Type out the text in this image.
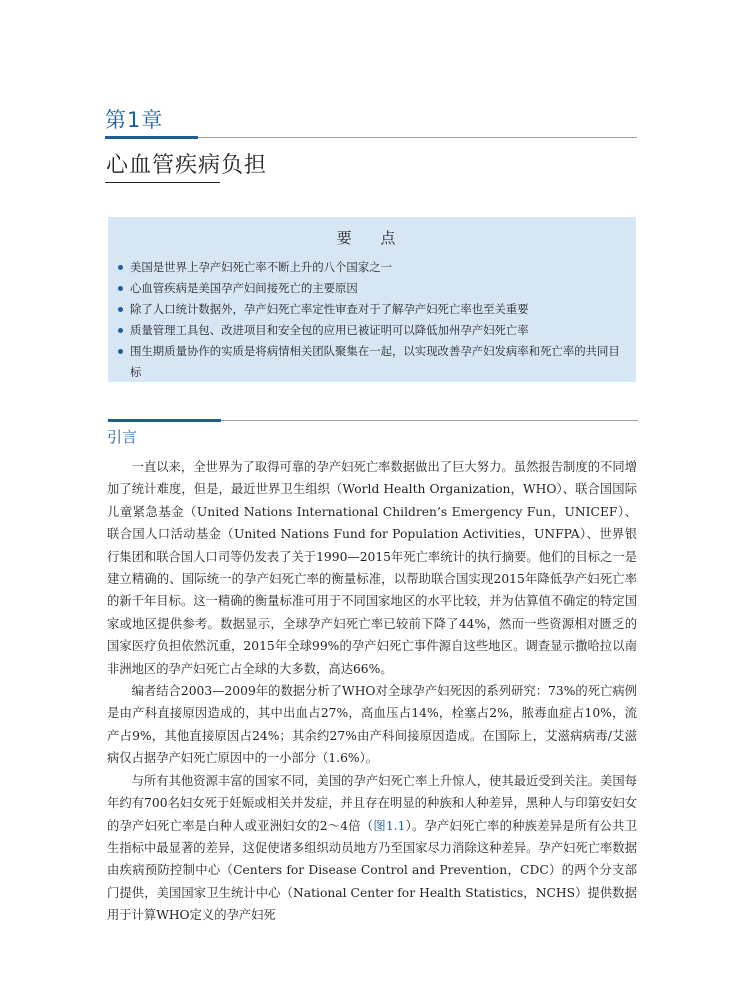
第1章
心血管疾病负担
要 点
美国是世界上孕产妇死亡率不断上升的八个国家之一
心血管疾病是美国孕产妇间接死亡的主要原因
除了人口统计数据外，孕产妇死亡率定性审查对于了解孕产妇死亡率也至关重要
质量管理工具包、改进项目和安全包的应用已被证明可以降低加州孕产妇死亡率
围生期质量协作的实质是将病情相关团队聚集在一起，以实现改善孕产妇发病率和死亡率的共同目标
引言

一直以来，全世界为了取得可靠的孕产妇死亡率数据做出了巨大努力。虽然报告制度的不同增加了统计难度，但是，最近世界卫生组织（World Health Organization，WHO）、联合国国际儿童紧急基金（United Nations International Children’s Emergency Fun，UNICEF）、联合国人口活动基金（United Nations Fund for Population Activities，UNFPA）、世界银行集团和联合国人口司等仍发表了关于1990—2015年死亡率统计的执行摘要。他们的目标之一是建立精确的、国际统一的孕产妇死亡率的衡量标准，以帮助联合国实现2015年降低孕产妇死亡率的新千年目标。这一精确的衡量标准可用于不同国家地区的水平比较，并为估算值不确定的特定国家或地区提供参考。数据显示，全球孕产妇死亡率已较前下降了44%，然而一些资源相对匮乏的国家医疗负担依然沉重，2015年全球99%的孕产妇死亡事件源自这些地区。调查显示撒哈拉以南非洲地区的孕产妇死亡占全球的大多数，高达66%。

编者结合2003—2009年的数据分析了WHO对全球孕产妇死因的系列研究：73%的死亡病例是由产科直接原因造成的，其中出血占27%，高血压占14%，栓塞占2%，脓毒血症占10%，流产占9%，其他直接原因占24%；其余约27%由产科间接原因造成。在国际上，艾滋病病毒/艾滋病仅占据孕产妇死亡原因中的一小部分（1.6%）。

与所有其他资源丰富的国家不同，美国的孕产妇死亡率上升惊人，使其最近受到关注。美国每年约有700名妇女死于妊娠或相关并发症，并且存在明显的种族和人种差异，黑种人与印第安妇女的孕产妇死亡率是白种人或亚洲妇女的2～4倍（图1.1）。孕产妇死亡率的种族差异是所有公共卫生指标中最显著的差异，这促使诸多组织动员地方乃至国家尽力消除这种差异。孕产妇死亡率数据由疾病预防控制中心（Centers for Disease Control and Prevention，CDC）的两个分支部门提供，美国国家卫生统计中心（National Center for Health Statistics，NCHS）提供数据用于计算WHO定义的孕产妇死
